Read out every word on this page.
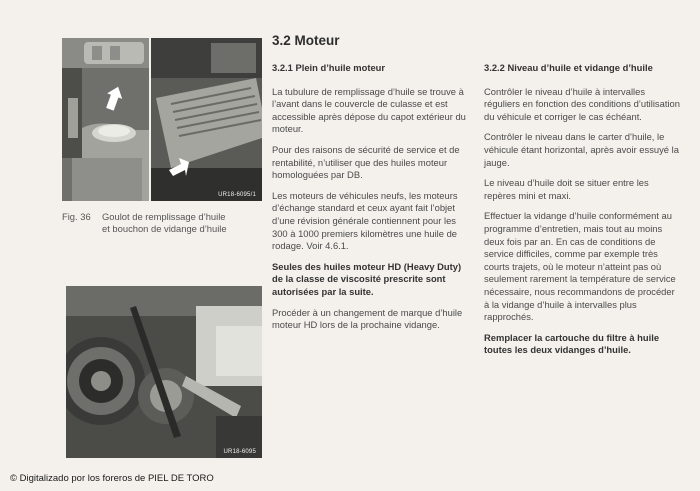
UR18-6095/1
Fig. 36 Goulot de remplissage d’huile
et bouchon de vidange d’huile
UR18-6095
3.2 Moteur
3.2.1 Plein d’huile moteur

La tubulure de remplissage d’huile se trouve à l’avant dans le couvercle de culasse et est accessible après dépose du capot extérieur du moteur.

Pour des raisons de sécurité de service et de rentabilité, n’utiliser que des huiles moteur homologuées par DB.

Les moteurs de véhicules neufs, les moteurs d’échange standard et ceux ayant fait l’objet d’une révision générale contiennent pour les 300 à 1000 premiers kilomètres une huile de rodage. Voir 4.6.1.

Seules des huiles moteur HD (Heavy Duty) de la classe de viscosité prescrite sont autorisées par la suite.

Procéder à un changement de marque d’huile moteur HD lors de la prochaine vidange.

3.2.2 Niveau d’huile et vidange d’huile

Contrôler le niveau d’huile à intervalles réguliers en fonction des conditions d’utilisation du véhicule et corriger le cas échéant.

Contrôler le niveau dans le carter d’huile, le véhicule étant horizontal, après avoir essuyé la jauge.

Le niveau d’huile doit se situer entre les repères mini et maxi.

Effectuer la vidange d’huile conformément au programme d’entretien, mais tout au moins deux fois par an. En cas de conditions de service difficiles, comme par exemple très courts trajets, où le moteur n’atteint pas où seulement rarement la température de service nécessaire, nous recommandons de procéder à la vidange d’huile à intervalles plus rapprochés.

Remplacer la cartouche du filtre à huile toutes les deux vidanges d’huile.

© Digitalizado por los foreros de PIEL DE TORO
